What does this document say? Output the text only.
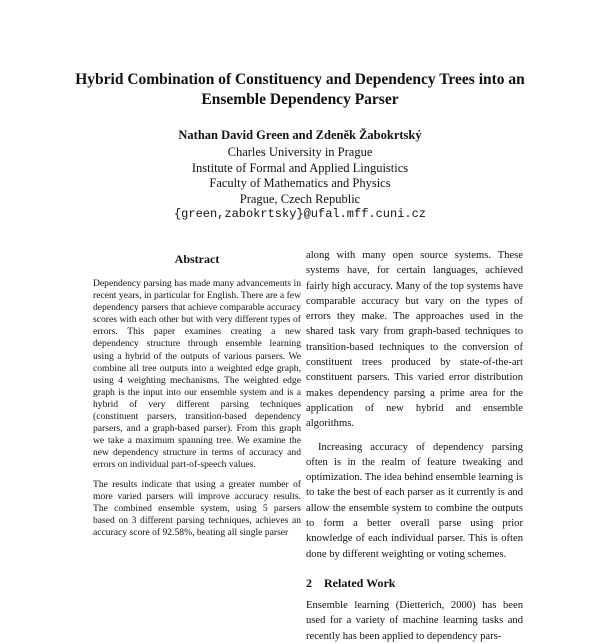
Hybrid Combination of Constituency and Dependency Trees into an
Ensemble Dependency Parser
Nathan David Green and Zdeněk Žabokrtský
Charles University in Prague
Institute of Formal and Applied Linguistics
Faculty of Mathematics and Physics
Prague, Czech Republic
{green,zabokrtsky}@ufal.mff.cuni.cz
Abstract

Dependency parsing has made many advancements in recent years, in particular for English. There are a few dependency parsers that achieve comparable accuracy scores with each other but with very different types of errors. This paper examines creating a new dependency structure through ensemble learning using a hybrid of the outputs of various parsers. We combine all tree outputs into a weighted edge graph, using 4 weighting mechanisms. The weighted edge graph is the input into our ensemble system and is a hybrid of very different parsing techniques (constituent parsers, transition-based dependency parsers, and a graph-based parser). From this graph we take a maximum spanning tree. We examine the new dependency structure in terms of accuracy and errors on individual part-of-speech values.

The results indicate that using a greater number of more varied parsers will improve accuracy results. The combined ensemble system, using 5 parsers based on 3 different parsing techniques, achieves an accuracy score of 92.58%, beating all single parser

along with many open source systems. These systems have, for certain languages, achieved fairly high accuracy. Many of the top systems have comparable accuracy but vary on the types of errors they make. The approaches used in the shared task vary from graph-based techniques to transition-based techniques to the conversion of constituent trees produced by state-of-the-art constituent parsers. This varied error distribution makes dependency parsing a prime area for the application of new hybrid and ensemble algorithms.

Increasing accuracy of dependency parsing often is in the realm of feature tweaking and optimization. The idea behind ensemble learning is to take the best of each parser as it currently is and allow the ensemble system to combine the outputs to form a better overall parse using prior knowledge of each individual parser. This is often done by different weighting or voting schemes.

2 Related Work

Ensemble learning (Dietterich, 2000) has been used for a variety of machine learning tasks and recently has been applied to dependency pars-
